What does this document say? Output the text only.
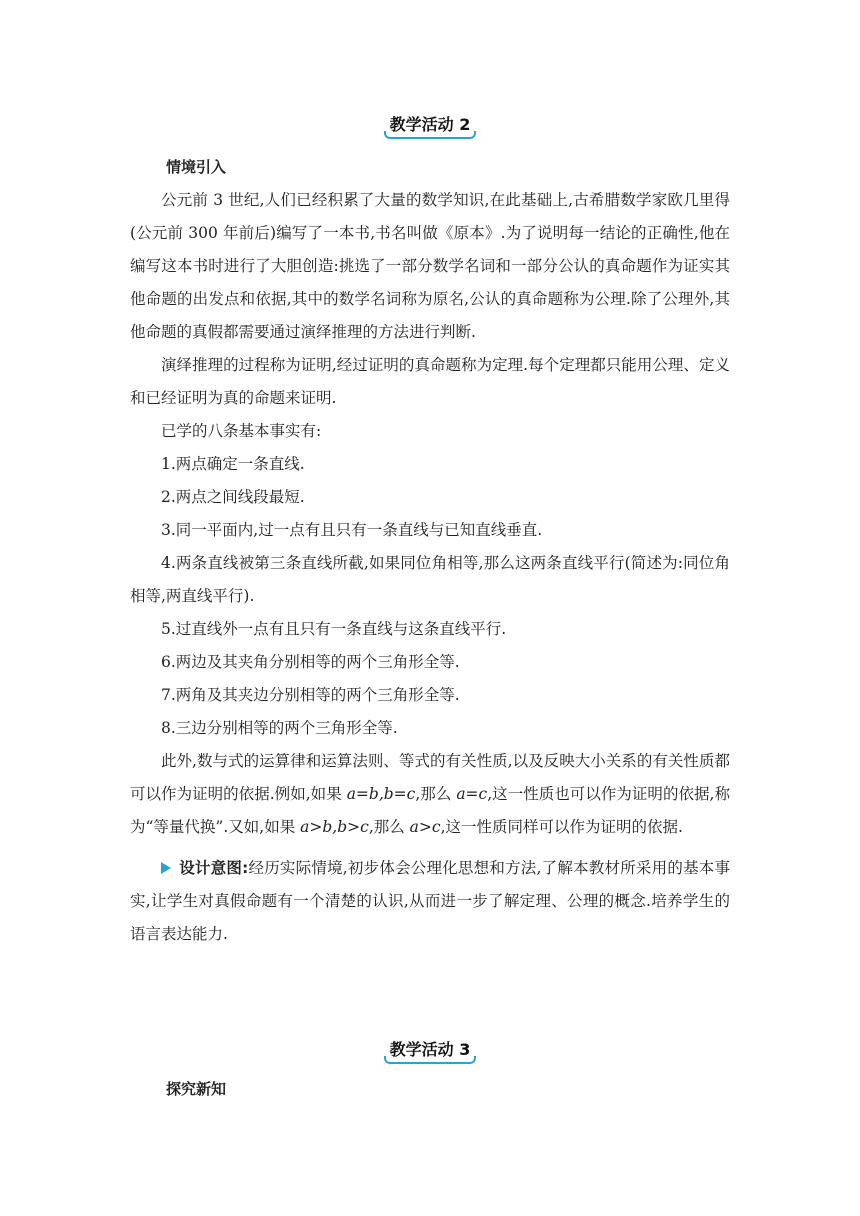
教学活动 2
情境引入

公元前 3 世纪,人们已经积累了大量的数学知识,在此基础上,古希腊数学家欧几里得(公元前 300 年前后)编写了一本书,书名叫做《原本》.为了说明每一结论的正确性,他在编写这本书时进行了大胆创造:挑选了一部分数学名词和一部分公认的真命题作为证实其他命题的出发点和依据,其中的数学名词称为原名,公认的真命题称为公理.除了公理外,其他命题的真假都需要通过演绎推理的方法进行判断.

演绎推理的过程称为证明,经过证明的真命题称为定理.每个定理都只能用公理、定义和已经证明为真的命题来证明.

已学的八条基本事实有:

1.两点确定一条直线.

2.两点之间线段最短.

3.同一平面内,过一点有且只有一条直线与已知直线垂直.

4.两条直线被第三条直线所截,如果同位角相等,那么这两条直线平行(简述为:同位角相等,两直线平行).

5.过直线外一点有且只有一条直线与这条直线平行.

6.两边及其夹角分别相等的两个三角形全等.

7.两角及其夹边分别相等的两个三角形全等.

8.三边分别相等的两个三角形全等.

此外,数与式的运算律和运算法则、等式的有关性质,以及反映大小关系的有关性质都可以作为证明的依据.例如,如果 a=b,b=c,那么 a=c,这一性质也可以作为证明的依据,称为“等量代换”.又如,如果 a>b,b>c,那么 a>c,这一性质同样可以作为证明的依据.

设计意图:经历实际情境,初步体会公理化思想和方法,了解本教材所采用的基本事实,让学生对真假命题有一个清楚的认识,从而进一步了解定理、公理的概念.培养学生的语言表达能力.

教学活动 3
探究新知
